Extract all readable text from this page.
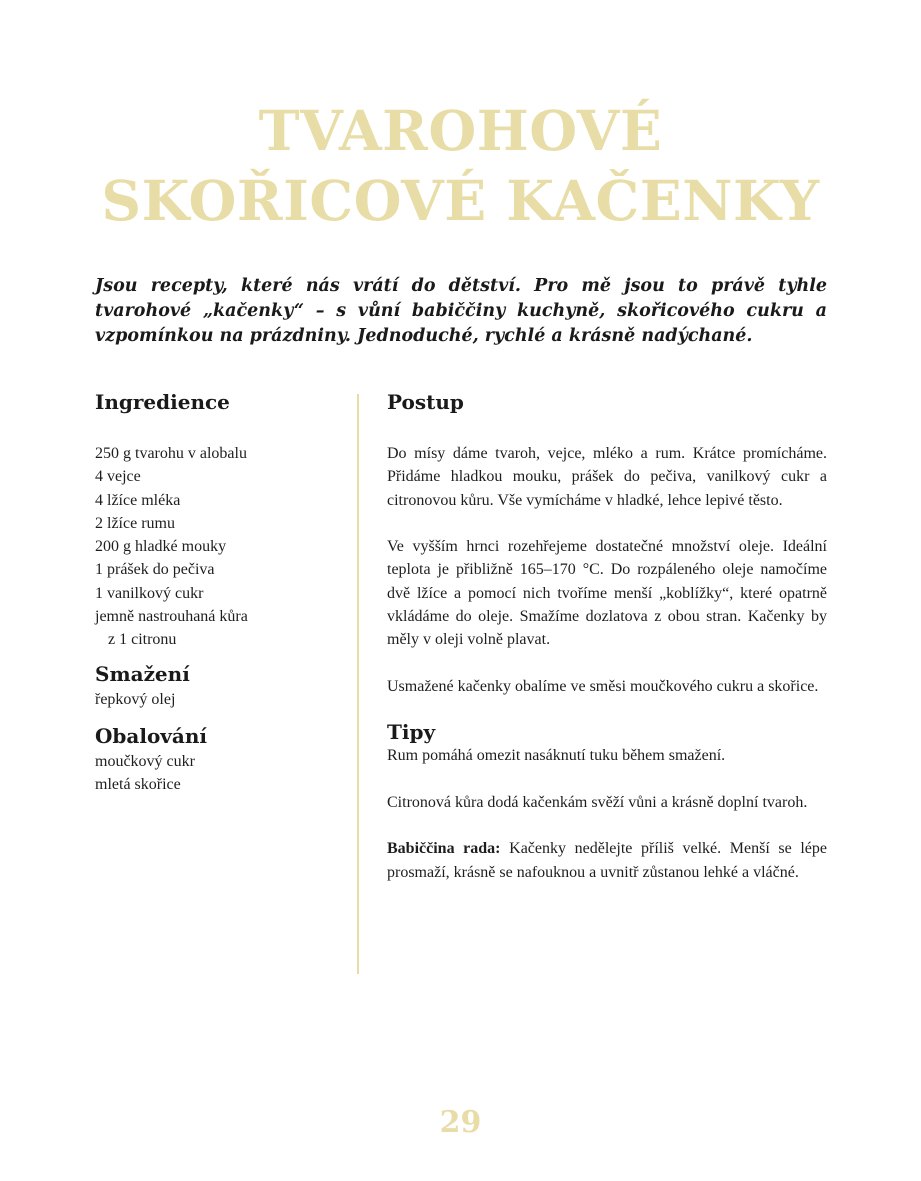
TVAROHOVÉ
SKOŘICOVÉ KAČENKY

Jsou recepty, které nás vrátí do dětství. Pro mě jsou to právě tyhle tvarohové „kačenky“ – s vůní babiččiny kuchyně, skořicového cukru a vzpomínkou na prázdniny. Jednoduché, rychlé a krásně nadýchané.

Ingredience
250 g tvarohu v alobalu
4 vejce
4 lžíce mléka
2 lžíce rumu
200 g hladké mouky
1 prášek do pečiva
1 vanilkový cukr
jemně nastrouhaná kůra
z 1 citronu
Smažení
řepkový olej
Obalování
moučkový cukr
mletá skořice
Postup

Do mísy dáme tvaroh, vejce, mléko a rum. Krátce promícháme. Přidáme hladkou mouku, prášek do pečiva, vanilkový cukr a citronovou kůru. Vše vymícháme v hladké, lehce lepivé těsto.

Ve vyšším hrnci rozehřejeme dostatečné množství oleje. Ideální teplota je přibližně 165–170 °C. Do rozpáleného oleje namočíme dvě lžíce a pomocí nich tvoříme menší „koblížky“, které opatrně vkládáme do oleje. Smažíme dozlatova z obou stran. Kačenky by měly v oleji volně plavat.

Usmažené kačenky obalíme ve směsi moučkového cukru a skořice.

Tipy

Rum pomáhá omezit nasáknutí tuku během smažení.

Citronová kůra dodá kačenkám svěží vůni a krásně doplní tvaroh.

Babiččina rada: Kačenky nedělejte příliš velké. Menší se lépe prosmaží, krásně se nafouknou a uvnitř zůstanou lehké a vláčné.

29
